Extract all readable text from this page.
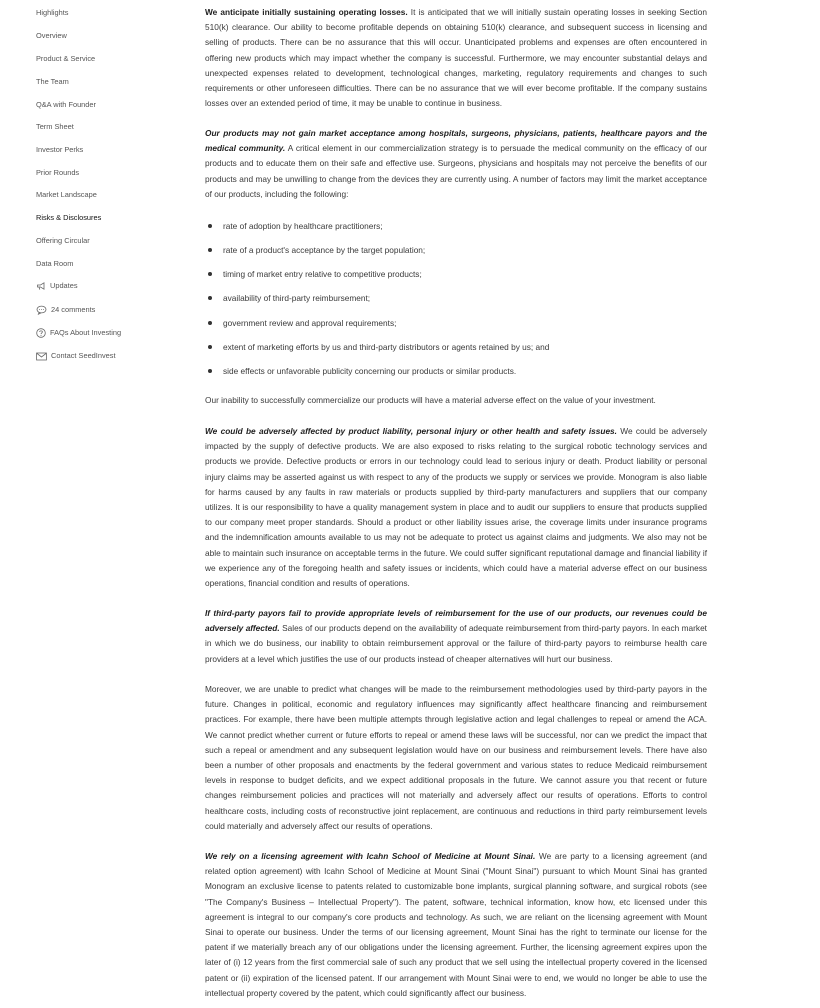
Highlights
Overview
Product & Service
The Team
Q&A with Founder
Term Sheet
Investor Perks
Prior Rounds
Market Landscape
Risks & Disclosures
Offering Circular
Data Room
Updates
24 comments
FAQs About Investing
Contact SeedInvest

We anticipate initially sustaining operating losses. It is anticipated that we will initially sustain operating losses in seeking Section 510(k) clearance. Our ability to become profitable depends on obtaining 510(k) clearance, and subsequent success in licensing and selling of products. There can be no assurance that this will occur. Unanticipated problems and expenses are often encountered in offering new products which may impact whether the company is successful. Furthermore, we may encounter substantial delays and unexpected expenses related to development, technological changes, marketing, regulatory requirements and changes to such requirements or other unforeseen difficulties. There can be no assurance that we will ever become profitable. If the company sustains losses over an extended period of time, it may be unable to continue in business.

Our products may not gain market acceptance among hospitals, surgeons, physicians, patients, healthcare payors and the medical community. A critical element in our commercialization strategy is to persuade the medical community on the efficacy of our products and to educate them on their safe and effective use. Surgeons, physicians and hospitals may not perceive the benefits of our products and may be unwilling to change from the devices they are currently using. A number of factors may limit the market acceptance of our products, including the following:

rate of adoption by healthcare practitioners;
rate of a product's acceptance by the target population;
timing of market entry relative to competitive products;
availability of third-party reimbursement;
government review and approval requirements;
extent of marketing efforts by us and third-party distributors or agents retained by us; and
side effects or unfavorable publicity concerning our products or similar products.

Our inability to successfully commercialize our products will have a material adverse effect on the value of your investment.

We could be adversely affected by product liability, personal injury or other health and safety issues. We could be adversely impacted by the supply of defective products. We are also exposed to risks relating to the surgical robotic technology services and products we provide. Defective products or errors in our technology could lead to serious injury or death. Product liability or personal injury claims may be asserted against us with respect to any of the products we supply or services we provide. Monogram is also liable for harms caused by any faults in raw materials or products supplied by third-party manufacturers and suppliers that our company utilizes. It is our responsibility to have a quality management system in place and to audit our suppliers to ensure that products supplied to our company meet proper standards. Should a product or other liability issues arise, the coverage limits under insurance programs and the indemnification amounts available to us may not be adequate to protect us against claims and judgments. We also may not be able to maintain such insurance on acceptable terms in the future. We could suffer significant reputational damage and financial liability if we experience any of the foregoing health and safety issues or incidents, which could have a material adverse effect on our business operations, financial condition and results of operations.

If third-party payors fail to provide appropriate levels of reimbursement for the use of our products, our revenues could be adversely affected. Sales of our products depend on the availability of adequate reimbursement from third-party payors. In each market in which we do business, our inability to obtain reimbursement approval or the failure of third-party payors to reimburse health care providers at a level which justifies the use of our products instead of cheaper alternatives will hurt our business.

Moreover, we are unable to predict what changes will be made to the reimbursement methodologies used by third-party payors in the future. Changes in political, economic and regulatory influences may significantly affect healthcare financing and reimbursement practices. For example, there have been multiple attempts through legislative action and legal challenges to repeal or amend the ACA. We cannot predict whether current or future efforts to repeal or amend these laws will be successful, nor can we predict the impact that such a repeal or amendment and any subsequent legislation would have on our business and reimbursement levels. There have also been a number of other proposals and enactments by the federal government and various states to reduce Medicaid reimbursement levels in response to budget deficits, and we expect additional proposals in the future. We cannot assure you that recent or future changes reimbursement policies and practices will not materially and adversely affect our results of operations. Efforts to control healthcare costs, including costs of reconstructive joint replacement, are continuous and reductions in third party reimbursement levels could materially and adversely affect our results of operations.

We rely on a licensing agreement with Icahn School of Medicine at Mount Sinai. We are party to a licensing agreement (and related option agreement) with Icahn School of Medicine at Mount Sinai ("Mount Sinai") pursuant to which Mount Sinai has granted Monogram an exclusive license to patents related to customizable bone implants, surgical planning software, and surgical robots (see "The Company's Business – Intellectual Property"). The patent, software, technical information, know how, etc licensed under this agreement is integral to our company's core products and technology. As such, we are reliant on the licensing agreement with Mount Sinai to operate our business. Under the terms of our licensing agreement, Mount Sinai has the right to terminate our license for the patent if we materially breach any of our obligations under the licensing agreement. Further, the licensing agreement expires upon the later of (i) 12 years from the first commercial sale of such any product that we sell using the intellectual property covered in the licensed patent or (ii) expiration of the licensed patent. If our arrangement with Mount Sinai were to end, we would no longer be able to use the intellectual property covered by the patent, which could significantly affect our business.
